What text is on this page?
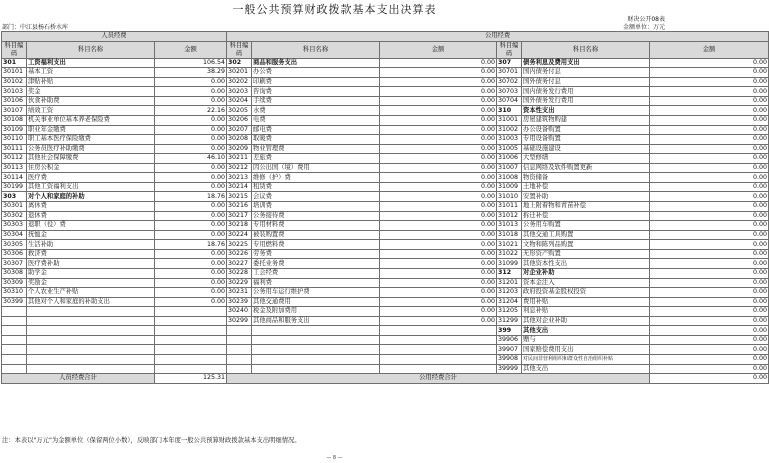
一般公共预算财政拨款基本支出决算表
财决公开08表
部门：中江县杨石桥水库	金额单位：万元
人员经费			公用经费					
科目编码	科目名称	金额	科目编码	科目名称	金额	科目编码	科目名称	金额
301	工资福利支出	106.54	302	商品和服务支出	0.00	307	债务利息及费用支出	0.00
30101	基本工资	38.29	30201	办公费	0.00	30701	国内债务付息	0.00
30102	津贴补贴	0.00	30202	印刷费	0.00	30702	国外债务付息	0.00
30103	奖金	0.00	30203	咨询费	0.00	30703	国内债务发行费用	0.00
30106	伙食补助费	0.00	30204	手续费	0.00	30704	国外债务发行费用	0.00
30107	绩效工资	22.16	30205	水费	0.00	310	资本性支出	0.00
30108	机关事业单位基本养老保险费	0.00	30206	电费	0.00	31001	房屋建筑物购建	0.00
30109	职业年金缴费	0.00	30207	邮电费	0.00	31002	办公设备购置	0.00
30110	职工基本医疗保险缴费	0.00	30208	取暖费	0.00	31003	专用设备购置	0.00
30111	公务员医疗补助缴费	0.00	30209	物业管理费	0.00	31005	基础设施建设	0.00
30112	其他社会保障缴费	46.10	30211	差旅费	0.00	31006	大型修缮	0.00
30113	住房公积金	0.00	30212	因公出国（境）费用	0.00	31007	信息网络及软件购置更新	0.00
30114	医疗费	0.00	30213	维修（护）费	0.00	31008	物资储备	0.00
30199	其他工资福利支出	0.00	30214	租赁费	0.00	31009	土地补偿	0.00
303	对个人和家庭的补助	18.76	30215	会议费	0.00	31010	安置补助	0.00
30301	离休费	0.00	30216	培训费	0.00	31011	地上附着物和青苗补偿	0.00
30302	退休费	0.00	30217	公务接待费	0.00	31012	拆迁补偿	0.00
30303	退职（役）费	0.00	30218	专用材料费	0.00	31013	公务用车购置	0.00
30304	抚恤金	0.00	30224	被装购置费	0.00	31018	其他交通工具购置	0.00
30305	生活补助	18.76	30225	专用燃料费	0.00	31021	文物和陈列品购置	0.00
30306	救济费	0.00	30226	劳务费	0.00	31022	无形资产购置	0.00
30307	医疗费补助	0.00	30227	委托业务费	0.00	31099	其他资本性支出	0.00
30308	助学金	0.00	30228	工会经费	0.00	312	对企业补助	0.00
30309	奖励金	0.00	30229	福利费	0.00	31201	资本金注入	0.00
30310	个人农业生产补贴	0.00	30231	公务用车运行维护费	0.00	31203	政府投资基金股权投资	0.00
30399	其他对个人和家庭的补助支出	0.00	30239	其他交通费用	0.00	31204	费用补贴	0.00
			30240	税金及附加费用	0.00	31205	利息补贴	0.00
			30299	其他商品和服务支出	0.00	31299	其他对企业补助	0.00
						399	其他支出	0.00
						39906	赠与	0.00
						39907	国家赔偿费用支出	0.00
						39908	对民间非营利组织和群众性自治组织补贴	0.00
						39999	其他支出	0.00
人员经费合计		125.31	公用经费合计					0.00
注：本表以"万元"为金额单位（保留两位小数），反映部门本年度一般公共预算财政拨款基本支出明细情况。
— 8 —
